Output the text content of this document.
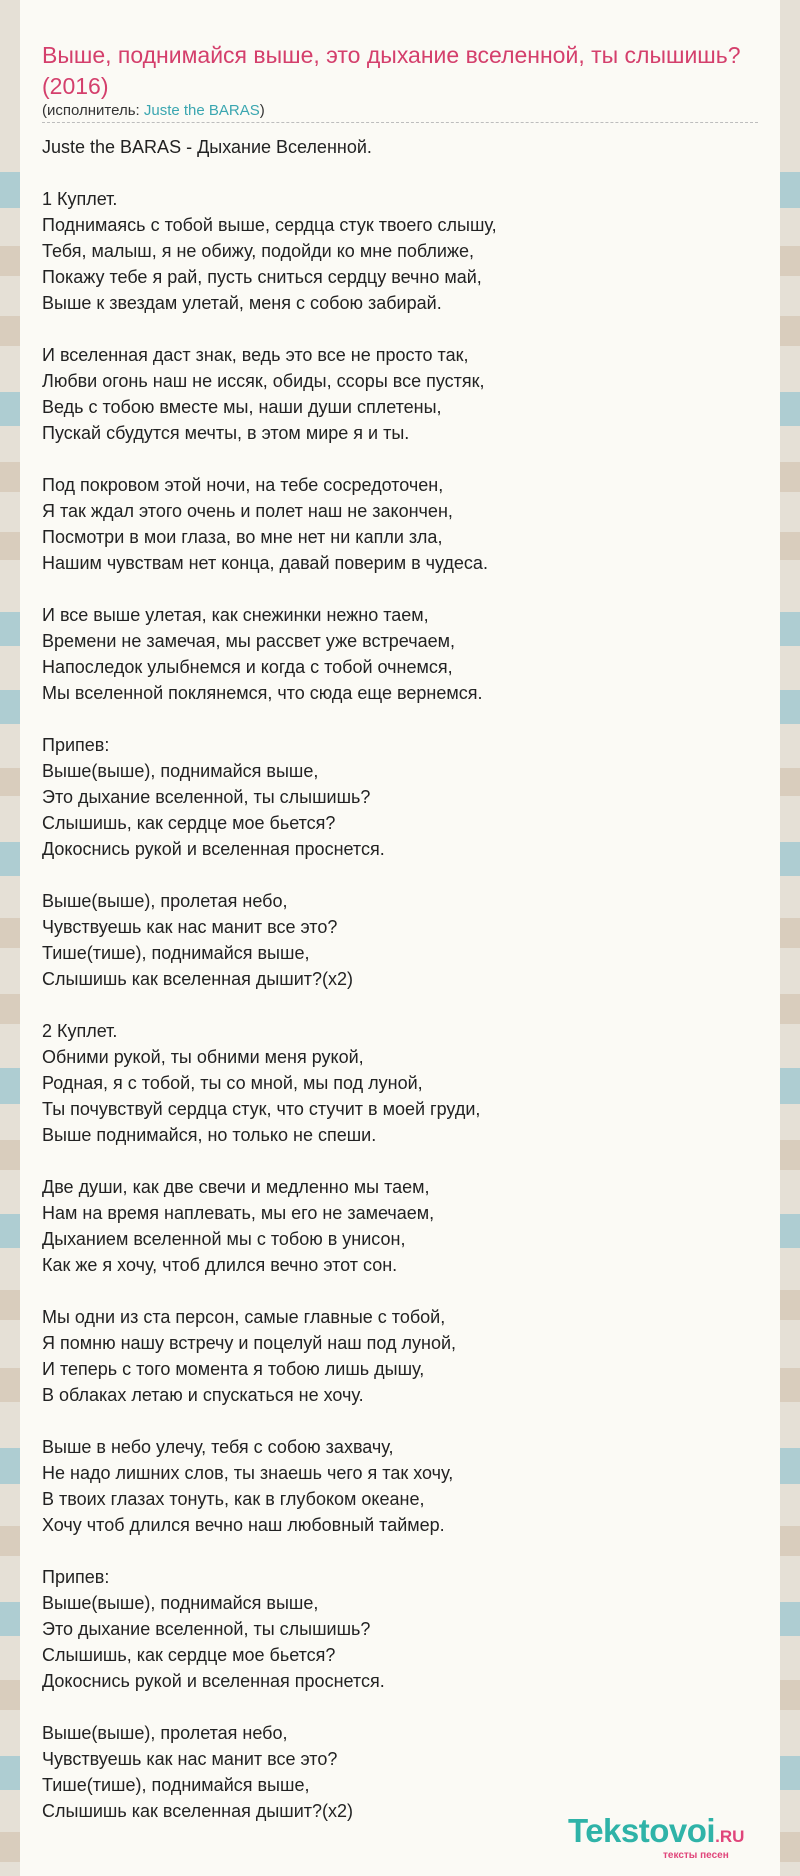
Выше, поднимайся выше, это дыхание вселенной, ты слышишь? (2016)

(исполнитель: Juste the BARAS)

Juste the BARAS - Дыхание Вселенной.
1 Куплет.
Поднимаясь с тобой выше, сердца стук твоего слышу,
Тебя, малыш, я не обижу, подойди ко мне поближе,
Покажу тебе я рай, пусть сниться сердцу вечно май,
Выше к звездам улетай, меня с собою забирай.
И вселенная даст знак, ведь это все не просто так,
Любви огонь наш не иссяк, обиды, ссоры все пустяк,
Ведь с тобою вместе мы, наши души сплетены,
Пускай сбудутся мечты, в этом мире я и ты.
Под покровом этой ночи, на тебе сосредоточен,
Я так ждал этого очень и полет наш не закончен,
Посмотри в мои глаза, во мне нет ни капли зла,
Нашим чувствам нет конца, давай поверим в чудеса.
И все выше улетая, как снежинки нежно таем,
Времени не замечая, мы рассвет уже встречаем,
Напоследок улыбнемся и когда с тобой очнемся,
Мы вселенной поклянемся, что сюда еще вернемся.
Припев:
Выше(выше), поднимайся выше,
Это дыхание вселенной, ты слышишь?
Слышишь, как сердце мое бьется?
Докоснись рукой и вселенная проснется.
Выше(выше), пролетая небо,
Чувствуешь как нас манит все это?
Тише(тише), поднимайся выше,
Слышишь как вселенная дышит?(x2)
2 Куплет.
Обними рукой, ты обними меня рукой,
Родная, я с тобой, ты со мной, мы под луной,
Ты почувствуй сердца стук, что стучит в моей груди,
Выше поднимайся, но только не спеши.
Две души, как две свечи и медленно мы таем,
Нам на время наплевать, мы его не замечаем,
Дыханием вселенной мы с тобою в унисон,
Как же я хочу, чтоб длился вечно этот сон.
Мы одни из ста персон, самые главные с тобой,
Я помню нашу встречу и поцелуй наш под луной,
И теперь с того момента я тобою лишь дышу,
В облаках летаю и спускаться не хочу.
Выше в небо улечу, тебя с собою захвачу,
Не надо лишних слов, ты знаешь чего я так хочу,
В твоих глазах тонуть, как в глубоком океане,
Хочу чтоб длился вечно наш любовный таймер.
Припев:
Выше(выше), поднимайся выше,
Это дыхание вселенной, ты слышишь?
Слышишь, как сердце мое бьется?
Докоснись рукой и вселенная проснется.
Выше(выше), пролетая небо,
Чувствуешь как нас манит все это?
Тише(тише), поднимайся выше,
Слышишь как вселенная дышит?(x2)
Tekstovoi.RU
тексты песен
